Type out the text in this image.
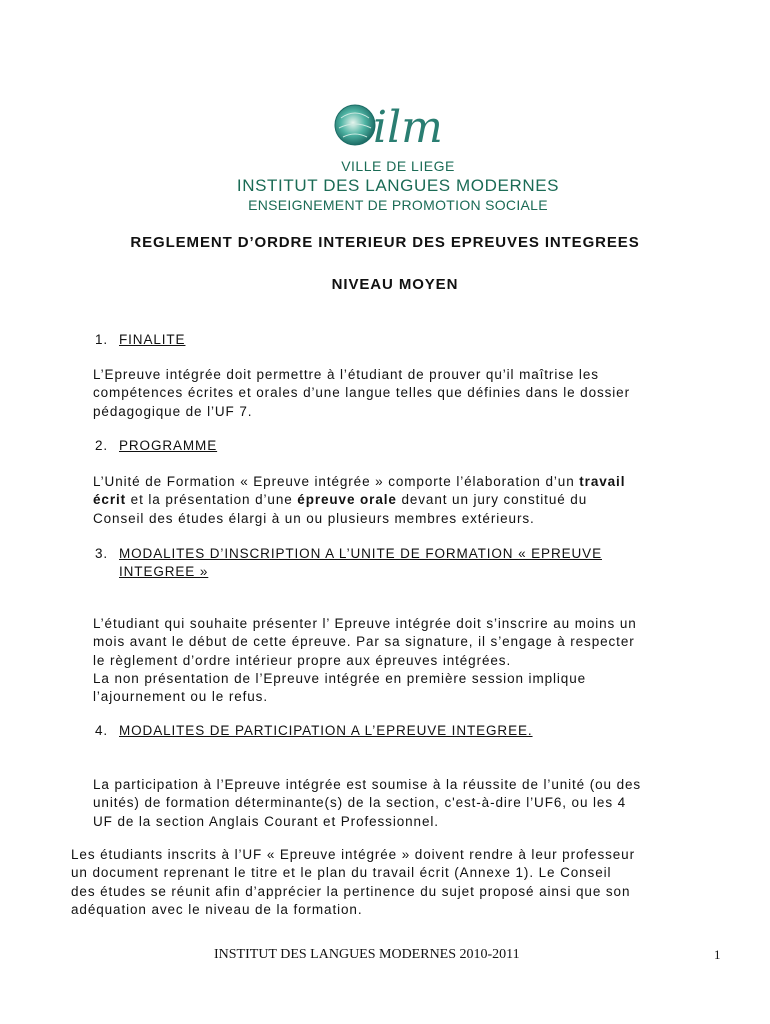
ilm
VILLE DE LIEGE
INSTITUT DES LANGUES MODERNES
ENSEIGNEMENT DE PROMOTION SOCIALE
REGLEMENT D’ORDRE INTERIEUR DES EPREUVES INTEGREES
NIVEAU MOYEN
1. FINALITE
L’Epreuve intégrée doit permettre à l’étudiant de prouver qu’il maîtrise les
compétences écrites et orales d’une langue telles que définies dans le dossier
pédagogique de l’UF 7.
2. PROGRAMME
L’Unité de Formation « Epreuve intégrée » comporte l’élaboration d’un travail
écrit et la présentation d’une épreuve orale devant un jury constitué du
Conseil des études élargi à un ou plusieurs membres extérieurs.
3. MODALITES D’INSCRIPTION A L’UNITE DE FORMATION « EPREUVE
INTEGREE »
L’étudiant qui souhaite présenter l’ Epreuve intégrée doit s’inscrire au moins un
mois avant le début de cette épreuve. Par sa signature, il s’engage à respecter
le règlement d’ordre intérieur propre aux épreuves intégrées.
La non présentation de l’Epreuve intégrée en première session implique
l’ajournement ou le refus.
4. MODALITES DE PARTICIPATION A L’EPREUVE INTEGREE.
La participation à l’Epreuve intégrée est soumise à la réussite de l’unité (ou des
unités) de formation déterminante(s) de la section, c'est-à-dire l’UF6, ou les 4
UF de la section Anglais Courant et Professionnel.
Les étudiants inscrits à l’UF « Epreuve intégrée » doivent rendre à leur professeur
un document reprenant le titre et le plan du travail écrit (Annexe 1). Le Conseil
des études se réunit afin d’apprécier la pertinence du sujet proposé ainsi que son
adéquation avec le niveau de la formation.
INSTITUT DES LANGUES MODERNES 2010-2011	1
